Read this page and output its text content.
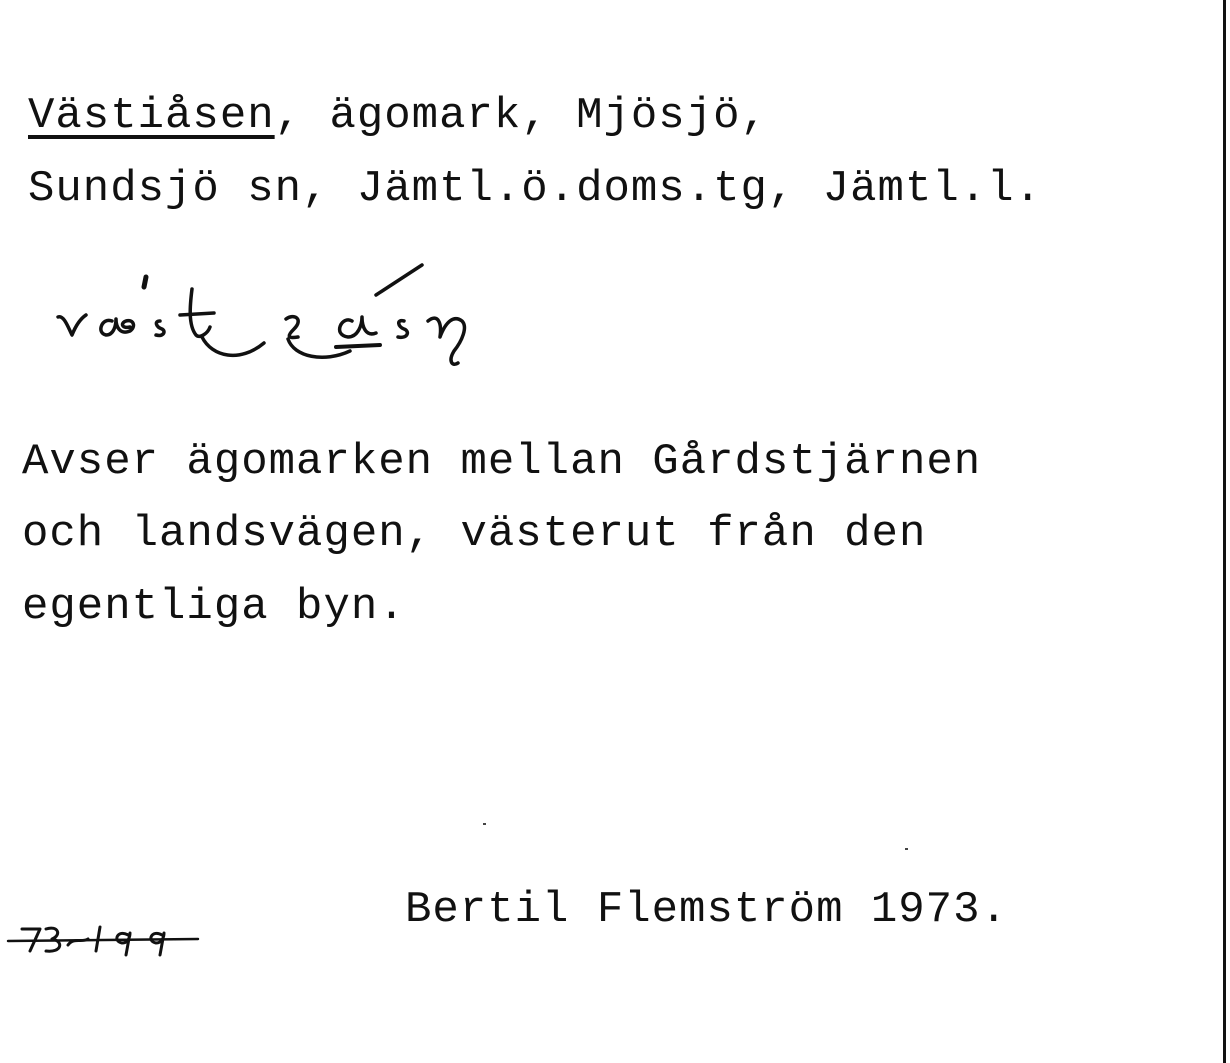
Västiåsen, ägomark, Mjösjö,
Sundsjö sn, Jämtl.ö.doms.tg, Jämtl.l.
Avser ägomarken mellan Gårdstjärnen
och landsvägen, västerut från den
egentliga byn.
Bertil Flemström 1973.
